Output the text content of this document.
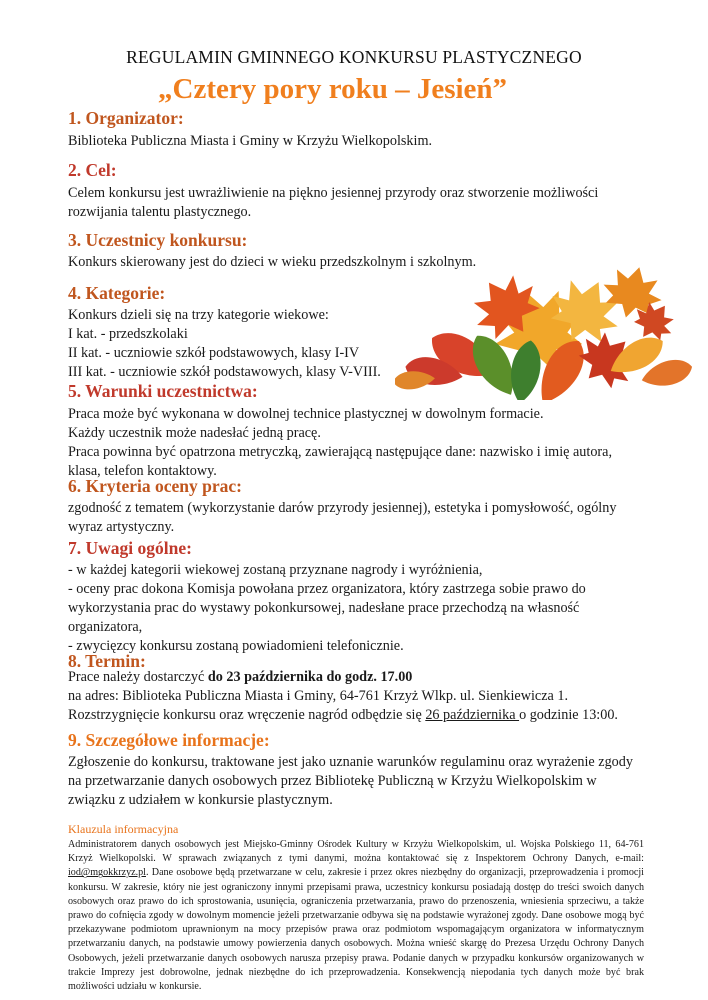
REGULAMIN GMINNEGO KONKURSU PLASTYCZNEGO
„Cztery pory roku – Jesień”
1. Organizator:
Biblioteka Publiczna Miasta i Gminy w Krzyżu Wielkopolskim.
2. Cel:
Celem konkursu jest uwrażliwienie na piękno jesiennej przyrody oraz stworzenie możliwości
rozwijania talentu plastycznego.
3. Uczestnicy konkursu:
Konkurs skierowany jest do dzieci w wieku przedszkolnym i szkolnym.
4. Kategorie:
Konkurs dzieli się na trzy kategorie wiekowe:
I kat. - przedszkolaki
II kat. - uczniowie szkół podstawowych, klasy I-IV
III kat. - uczniowie szkół podstawowych, klasy V-VIII.
5. Warunki uczestnictwa:
Praca może być wykonana w dowolnej technice plastycznej w dowolnym formacie.
Każdy uczestnik może nadesłać jedną pracę.
Praca powinna być opatrzona metryczką, zawierającą następujące dane: nazwisko i imię autora,
klasa, telefon kontaktowy.
6. Kryteria oceny prac:
zgodność z tematem (wykorzystanie darów przyrody jesiennej), estetyka i pomysłowość, ogólny
wyraz artystyczny.
7. Uwagi ogólne:
- w każdej kategorii wiekowej zostaną przyznane nagrody i wyróżnienia,
- oceny prac dokona Komisja powołana przez organizatora, który zastrzega sobie prawo do
wykorzystania prac do wystawy pokonkursowej, nadesłane prace przechodzą na własność
organizatora,
- zwycięzcy konkursu zostaną powiadomieni telefonicznie.
8. Termin:
Prace należy dostarczyć do 23 października do godz. 17.00
na adres: Biblioteka Publiczna Miasta i Gminy, 64-761 Krzyż Wlkp. ul. Sienkiewicza 1.
Rozstrzygnięcie konkursu oraz wręczenie nagród odbędzie się 26 października o godzinie 13:00.
9. Szczegółowe informacje:
Zgłoszenie do konkursu, traktowane jest jako uznanie warunków regulaminu oraz wyrażenie zgody
na przetwarzanie danych osobowych przez Bibliotekę Publiczną w Krzyżu Wielkopolskim w
związku z udziałem w konkursie plastycznym.
Klauzula informacyjna
Administratorem danych osobowych jest Miejsko-Gminny Ośrodek Kultury w Krzyżu Wielkopolskim, ul. Wojska Polskiego 11, 64-761 Krzyż Wielkopolski. W sprawach związanych z tymi danymi, można kontaktować się z Inspektorem Ochrony Danych, e-mail: iod@mgokkrzyz.pl. Dane osobowe będą przetwarzane w celu, zakresie i przez okres niezbędny do organizacji, przeprowadzenia i promocji konkursu. W zakresie, który nie jest ograniczony innymi przepisami prawa, uczestnicy konkursu posiadają dostęp do treści swoich danych osobowych oraz prawo do ich sprostowania, usunięcia, ograniczenia przetwarzania, prawo do przenoszenia, wniesienia sprzeciwu, a także prawo do cofnięcia zgody w dowolnym momencie jeżeli przetwarzanie odbywa się na podstawie wyrażonej zgody. Dane osobowe mogą być przekazywane podmiotom uprawnionym na mocy przepisów prawa oraz podmiotom wspomagającym organizatora w informatycznym przetwarzaniu danych, na podstawie umowy powierzenia danych osobowych. Można wnieść skargę do Prezesa Urzędu Ochrony Danych Osobowych, jeżeli przetwarzanie danych osobowych narusza przepisy prawa. Podanie danych w przypadku konkursów organizowanych w trakcie Imprezy jest dobrowolne, jednak niezbędne do ich przeprowadzenia. Konsekwencją niepodania tych danych może być brak możliwości udziału w konkursie.
